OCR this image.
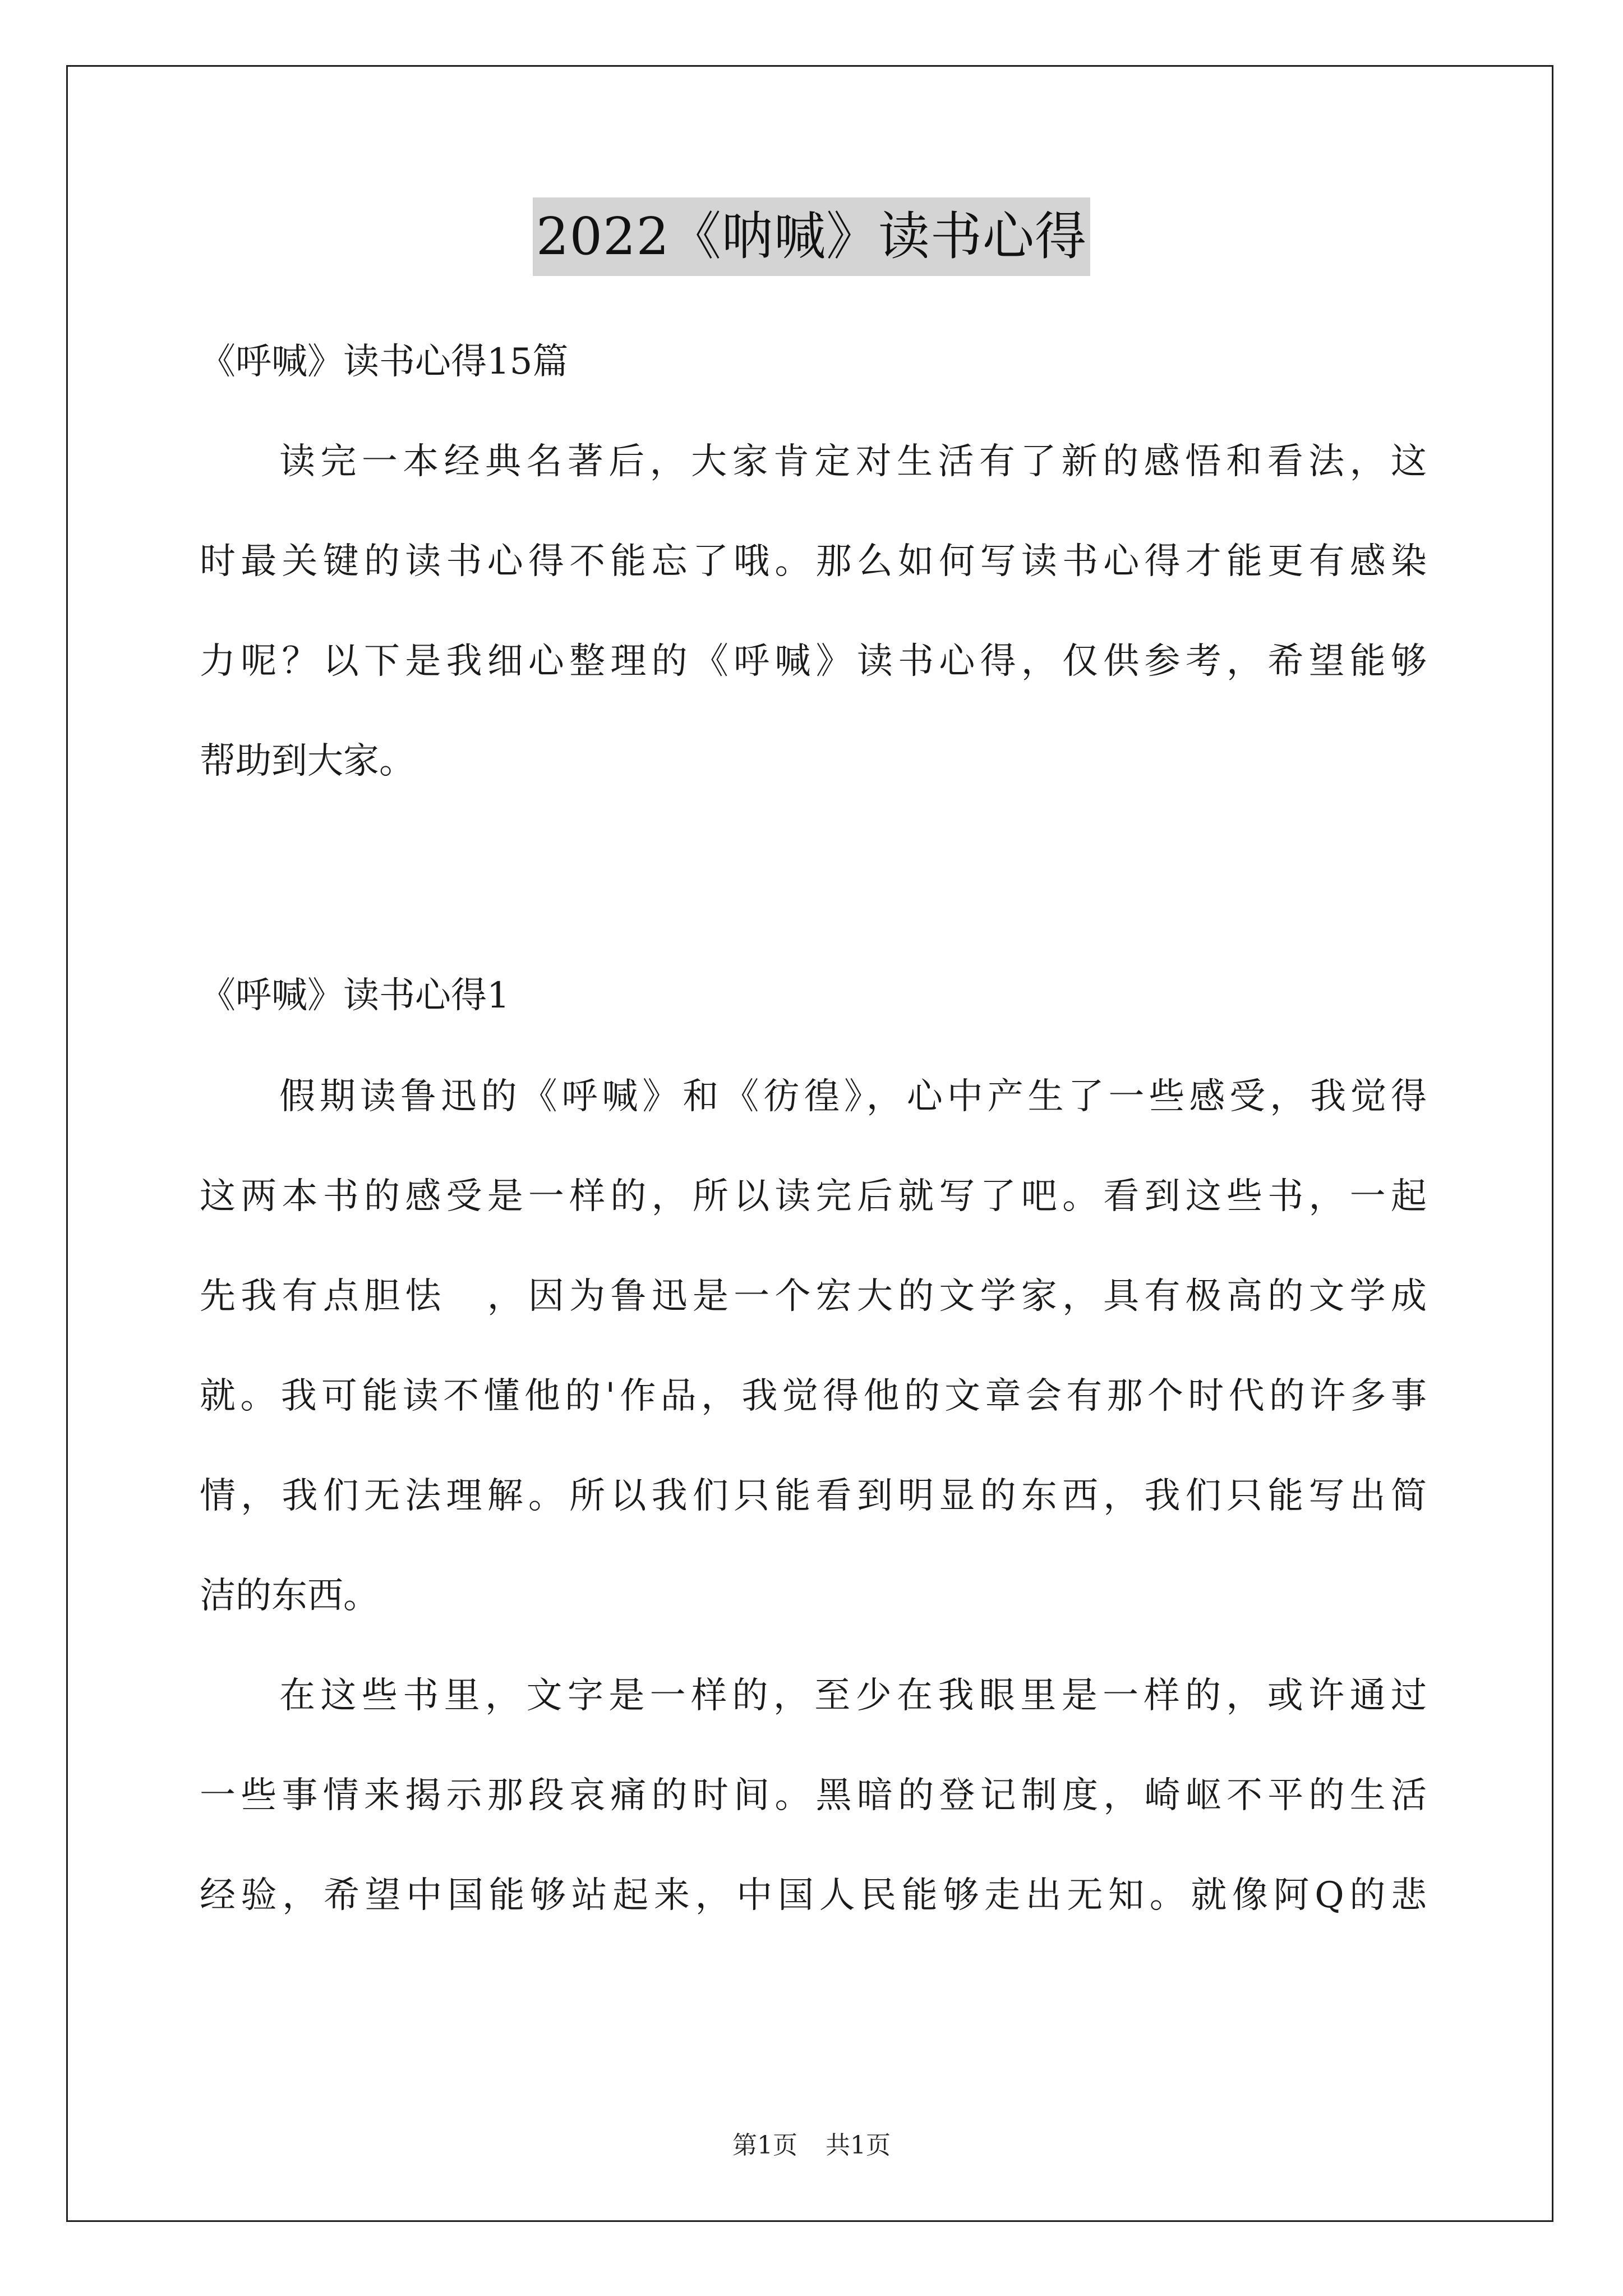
2022《呐喊》读书心得
《呼喊》读书心得15篇
读完一本经典名著后，大家肯定对生活有了新的感悟和看法，这
时最关键的读书心得不能忘了哦。那么如何写读书心得才能更有感染
力呢？以下是我细心整理的《呼喊》读书心得，仅供参考，希望能够
帮助到大家。
《呼喊》读书心得1
假期读鲁迅的《呼喊》和《彷徨》，心中产生了一些感受，我觉得
这两本书的感受是一样的，所以读完后就写了吧。看到这些书，一起
先我有点胆怯　，因为鲁迅是一个宏大的文学家，具有极高的文学成
就。我可能读不懂他的'作品，我觉得他的文章会有那个时代的许多事
情，我们无法理解。所以我们只能看到明显的东西，我们只能写出简
洁的东西。
在这些书里，文字是一样的，至少在我眼里是一样的，或许通过
一些事情来揭示那段哀痛的时间。黑暗的登记制度，崎岖不平的生活
经验，希望中国能够站起来，中国人民能够走出无知。就像阿Q的悲
第1页 共1页
